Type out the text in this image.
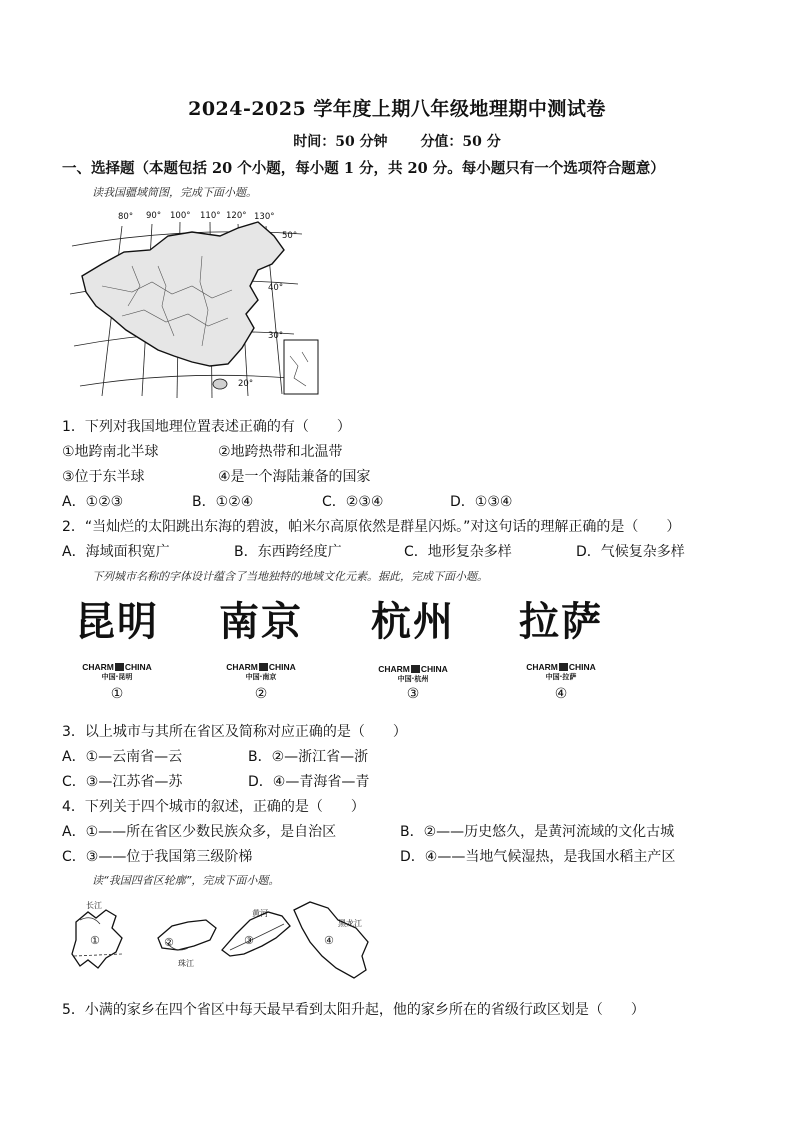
2024-2025 学年度上期八年级地理期中测试卷
时间：50 分钟 分值：50 分
一、选择题（本题包括 20 个小题，每小题 1 分，共 20 分。每小题只有一个选项符合题意）
读我国疆域简图，完成下面小题。
80° 90° 100° 110° 120° 130°
50°
40°
30°
20°
1．下列对我国地理位置表述正确的有（　　）
①地跨南北半球	②地跨热带和北温带
③位于东半球	④是一个海陆兼备的国家
A．①②③	B．①②④	C．②③④	D．①③④
2．“当灿烂的太阳跳出东海的碧波，帕米尔高原依然是群星闪烁。”对这句话的理解正确的是（　　）
A．海域面积宽广	B．东西跨经度广	C．地形复杂多样	D．气候复杂多样
下列城市名称的字体设计蕴含了当地独特的地域文化元素。据此，完成下面小题。
昆明	南京	杭州	拉萨
CHARM CHINA
中国·昆明
①
CHARM CHINA
中国·南京
②
CHARM CHINA
中国·杭州
③
CHARM CHINA
中国·拉萨
④
3．以上城市与其所在省区及简称对应正确的是（　　）
A．①—云南省—云	B．②—浙江省—浙
C．③—江苏省—苏	D．④—青海省—青
4．下列关于四个城市的叙述，正确的是（　　）
A．①——所在省区少数民族众多，是自治区	B．②——历史悠久，是黄河流域的文化古城
C．③——位于我国第三级阶梯	D．④——当地气候湿热，是我国水稻主产区
读“我国四省区轮廓”，完成下面小题。
长江
珠江
黄河
黑龙江
①	②	③	④
5．小满的家乡在四个省区中每天最早看到太阳升起，他的家乡所在的省级行政区划是（　　）
